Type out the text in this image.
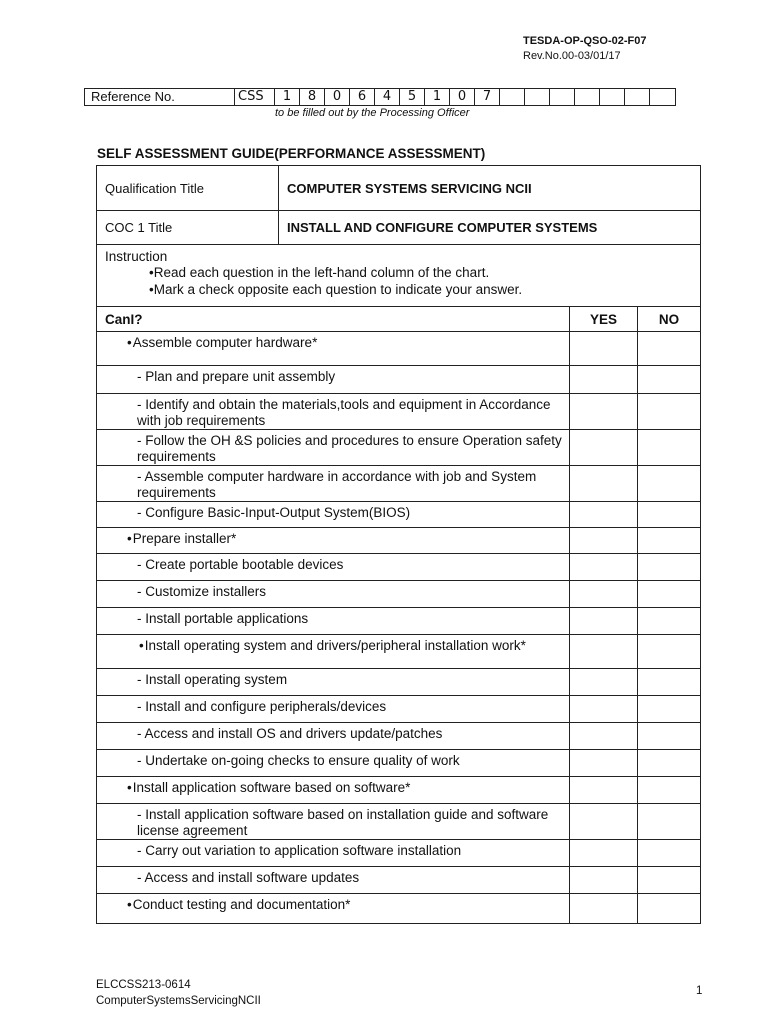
TESDA-OP-QSO-02-F07
Rev.No.00-03/01/17
Reference No.	CSS	1	8	0	6	4	5	1	0	7
to be filled out by the Processing Officer
SELF ASSESSMENT GUIDE(PERFORMANCE ASSESSMENT)
Qualification Title	COMPUTER SYSTEMS SERVICING NCII
COC 1 Title	INSTALL AND CONFIGURE COMPUTER SYSTEMS
Instruction
•Read each question in the left-hand column of the chart.
•Mark a check opposite each question to indicate your answer.
CanI?	YES	NO

• Assemble computer hardware*

- Plan and prepare unit assembly		

- Identify and obtain the materials,tools and equipment in Accordance with job requirements		

- Follow the OH &S policies and procedures to ensure Operation safety requirements		

- Assemble computer hardware in accordance with job and System requirements		

- Configure Basic-Input-Output System(BIOS)		

• Prepare installer*

- Create portable bootable devices		

- Customize installers		

- Install portable applications		

• Install operating system and drivers/peripheral installation work*

- Install operating system		

- Install and configure peripherals/devices		

- Access and install OS and drivers update/patches		

- Undertake on-going checks to ensure quality of work		

• Install application software based on software*

- Install application software based on installation guide and software license agreement		

- Carry out variation to application software installation		

- Access and install software updates		

• Conduct testing and documentation*

ELCCSS213-0614
ComputerSystemsServicingNCII
1
